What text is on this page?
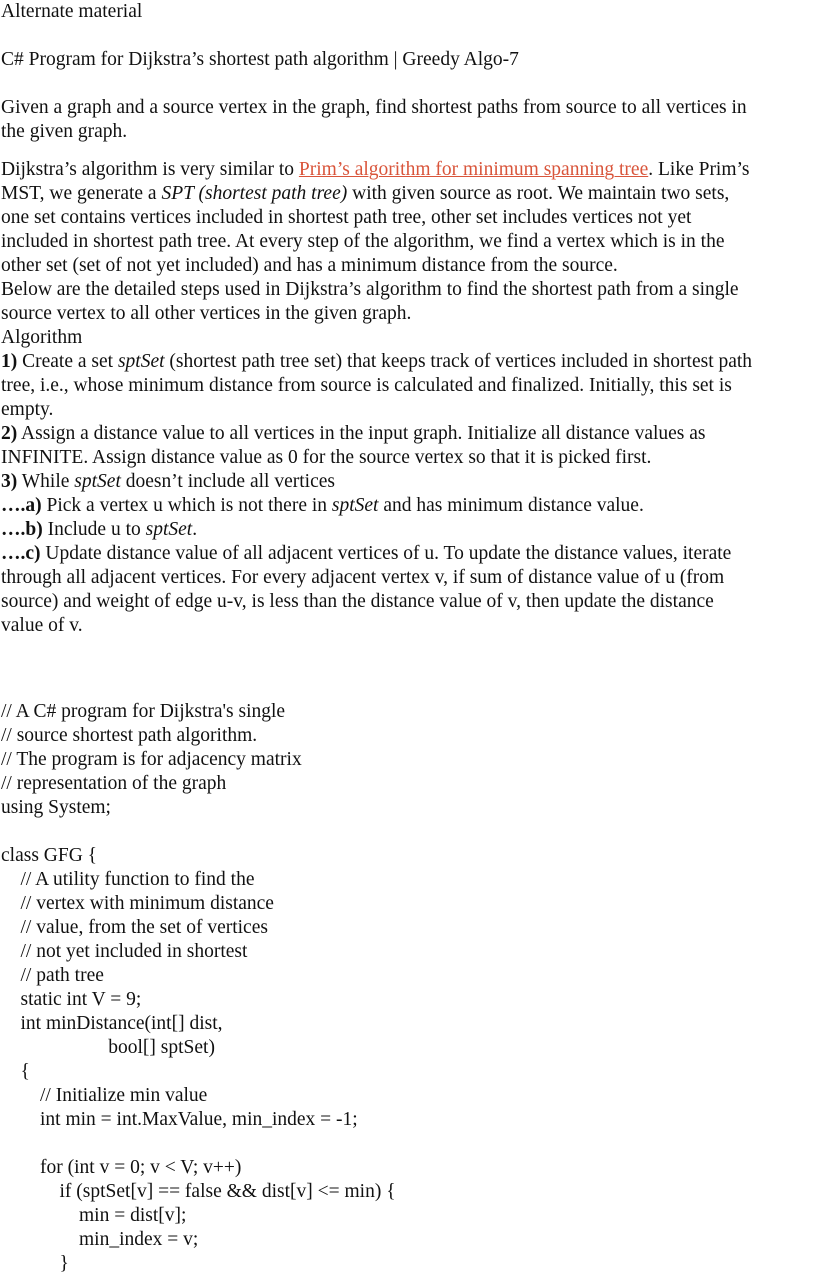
Alternate material
C# Program for Dijkstra’s shortest path algorithm | Greedy Algo-7
Given a graph and a source vertex in the graph, find shortest paths from source to all vertices in
the given graph.
Dijkstra’s algorithm is very similar to Prim’s algorithm for minimum spanning tree. Like Prim’s
MST, we generate a SPT (shortest path tree) with given source as root. We maintain two sets,
one set contains vertices included in shortest path tree, other set includes vertices not yet
included in shortest path tree. At every step of the algorithm, we find a vertex which is in the
other set (set of not yet included) and has a minimum distance from the source.
Below are the detailed steps used in Dijkstra’s algorithm to find the shortest path from a single
source vertex to all other vertices in the given graph.
Algorithm
1) Create a set sptSet (shortest path tree set) that keeps track of vertices included in shortest path
tree, i.e., whose minimum distance from source is calculated and finalized. Initially, this set is
empty.
2) Assign a distance value to all vertices in the input graph. Initialize all distance values as
INFINITE. Assign distance value as 0 for the source vertex so that it is picked first.
3) While sptSet doesn’t include all vertices
….a) Pick a vertex u which is not there in sptSet and has minimum distance value.
….b) Include u to sptSet.
….c) Update distance value of all adjacent vertices of u. To update the distance values, iterate
through all adjacent vertices. For every adjacent vertex v, if sum of distance value of u (from
source) and weight of edge u-v, is less than the distance value of v, then update the distance
value of v.
// A C# program for Dijkstra's single
// source shortest path algorithm.
// The program is for adjacency matrix
// representation of the graph
using System;
class GFG {
// A utility function to find the
// vertex with minimum distance
// value, from the set of vertices
// not yet included in shortest
// path tree
static int V = 9;
int minDistance(int[] dist,
bool[] sptSet)
{
// Initialize min value
int min = int.MaxValue, min_index = -1;
for (int v = 0; v < V; v++)
if (sptSet[v] == false && dist[v] <= min) {
min = dist[v];
min_index = v;
}
